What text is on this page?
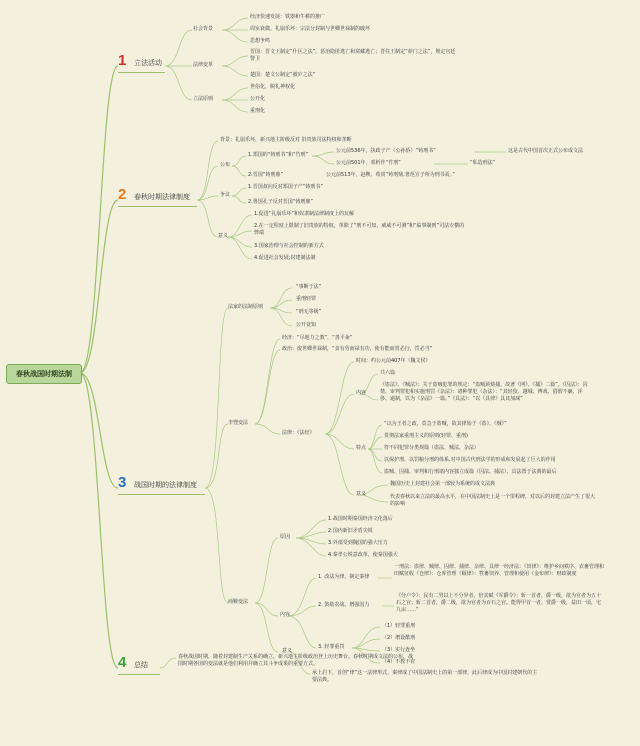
春秋战国时期法制
1 立法活动
2 春秋时期法律制度
3 战国时期的法律制度
4 总结
社会背景
经济快速发展：铁器和牛耕的推广
周室衰微、礼崩乐坏：宗法分封制与世卿世禄制的破坏
思想争鸣
法律变革
晋国：晋文王制定“什区之法”，惩治隐匿逃亡和窝藏逃亡；晋住王制定“茆门之法”，规定宫廷警卫
楚国：楚文公制定“被庐之法”
立法原则
世俗化，脱礼神权化
公开化
重刑化
背景：礼崩乐坏，新兴地主阶级反对 旧贵族司法特权和垄断
公布
1.郑国的“铸刑书”和“竹刑”
公元前536年，执政子产（公孙侨）“铸刑书”	这是古代中国首次正式公布成文法
公元前501年，邓析作“竹刑”	“私造刑法”
2.晋国“铸刑鼎”	公元前513年，赵鞅、荀寅“铸刑鼎,著范宣子所为刑书焉。”
争议
1.晋国叔向反对郑国子产“铸刑书”
2.鲁国孔子反对晋国“铸刑鼎”
意义
1.促进“礼崩乐坏”和奴隶制法律制度上的瓦解
2.在一定程度上限制了旧贵族的特权，革除了“刑不可知，威威不可测”和“临事制刑”司法专横的弊端
3.国家治理与社会控制的新方式
4.促进社会发展;封建制法制
法家的法制原则
“事断于法”
重刑轻罪
“刑无等级”
公开竟知
李悝变法
经济：“尽地力之教”，“善平籴”
政治：废世卿世禄制，“食有劳而禄有功，使有能而赏必行，罚必当”
法律：《法经》
时间：约公元前407年（魏文侯）
内容
共六篇
《盗法》、《贼法》：关于盗贼犯罪的规定：“盗贼须劾捕，故著《网》、《捕》二篇”。《囚法》：囚禁、审判罪犯和实施刑罚《杂法》：诸种罪犯（杂法）：“其轻狡、越城、博戏、借假不廉、淫侈、逾制，以为《杂法》一篇。”《具法》：“以《具律》具其加减”
特点
“以为王者之政，莫急于盗贼，故其律始于《盗》、《贼》”
贯彻法家重刑主义的原则(轻罪、重刑)
符不同犯罪分类规篇（盗法、贼法、杂法）
以保护刑、以罚粮分刑的体系,对中国古代刑法学的形成和发展起了巨大的作用
盗贼、囚捕、审判和行刑诸内容独立成篇（囚法、捕法），具法置于法典的最后
意义
魏国历史上封建社会第一部较为系统的成文法典
代表春秋以来立法的最高水平，在中国法制史上是一个里程碑，对以后的封建立法产生了很大的影响
商鞅变法
原因
1.战国时期秦国经济文化落后
2.国内新旧矛盾尖锐
3.外部受到魏国的强大压力
4.秦孝公锐意改革，使秦国强大
内容
1. 改法为律，制定秦律
一刑法：盗律、贼律、囚律、捕律、杂律、具律一经济法：《田律》：维护乡间秩序、农畜管理和田赋征收《仓律》：仓库管理《厩律》：牲畜饲养、管理和使用《金布律》：财政制度
2. 鼓励农战，增强国力
《分户令》：民有二男以上不分异者，倍其赋《军爵令》：斩一首者，爵一级，欲为官者为五十石之官；斩二首者，爵二级，欲为官者为百石之官。能得甲首一者，赏爵一级，益田一顷，宅九亩……”
3. 轻罪重罚
（1）轻罪重刑
（2）增设酷刑
（3）实行连坐
（4）不教不宥
意义
承上启下，首创“律”这一法律形式，秦律成了中国法制史上的第一部律，此后律成为中国封建朝代的主要法典。
春秋战国时期，随着封建制生产关系的确立，新兴地主阶级政治登上历史舞台。春秋时期成文法的公布、战国时期各国的变法就是他们利用并确立其斗争成果的重要方式。
